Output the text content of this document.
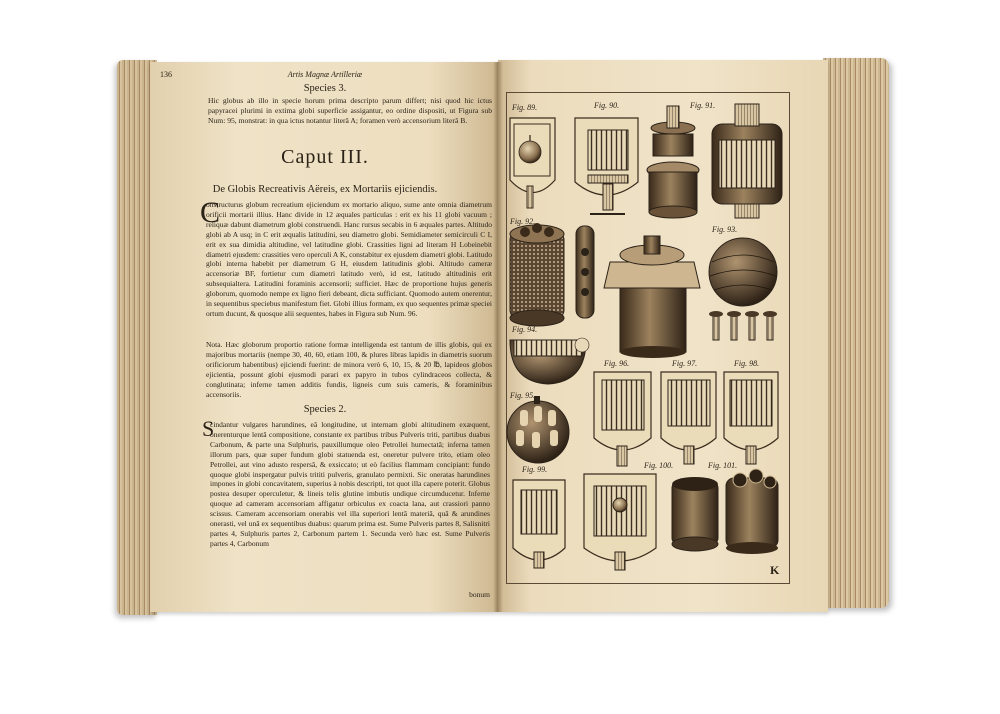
136	Artis Magnæ Artilleriæ
Species 3.
Hic globus ab illo in specie horum prima descripto parum differt; nisi quod hic ictus papyracei plurimi in extima globi superficie assigantur, eo ordine dispositi, ut Figura sub Num: 95, monstrat: in qua ictus notantur literâ A; foramen verò accensorium literâ B.
Caput III.
De Globis Recreativis Aëreis, ex Mortariis ejiciendis.
C
onstructurus globum recreatium ejiciendum ex mortario aliquo, sume ante omnia diametrum orificii mortarii illius. Hanc divide in 12 æquales particulas : erit ex his 11 globi vacuum ; reliquæ dabunt diametrum globi construendi. Hanc rursus secabis in 6 æquales partes. Altitudo globi ab A usq; in C erit æqualis latitudini, seu diametro globi. Semidiameter semicirculi C I, erit ex sua dimidia altitudine, vel latitudine globi. Crassities ligni ad literam H Lobeinebit diametri ejusdem: crassities vero operculi A K, constabitur ex ejusdem diametri globi. Latitudo globi interna habebit per diametrum G H, eiusdem latitudinis globi. Altitudo cameræ accensoriæ BF, fortietur cum diametri latitudo verò, id est, latitudo altitudinis erit subsequialtera. Latitudini foraminis accensorii; sufficiet. Hæc de proportione hujus generis globorum, quomodo nempe ex ligno fieri debeant, dicta sufficiant. Quomodo autem onerentur, in sequentibus speciebus manifestum fiet. Globi illius formam, ex quo sequentes primæ speciei ortum ducunt, & quosque alii sequentes, habes in Figura sub Num. 96.
Nota. Hæc globorum proportio ratione formæ intelligenda est tantum de illis globis, qui ex majoribus mortariis (nempe 30, 40, 60, etiam 100, & plures libras lapidis in diametris suorum orificiorum habentibus) ejiciendi fuerint: de minora verò 6, 10, 15, & 20 ℔, lapideos globos ejicientia, possunt globi ejusmodi parari ex papyro in tubos cylindraceos collecta, & conglutinata; inferne tamen additis fundis, ligneis cum suis cameris, & foraminibus accensoriis.
Species 2.
S
cindantur vulgares harundines, eâ longitudine, ut internam globi altitudinem exæquent, onerenturque lentâ compositione, constante ex partibus tribus Pulveris triti, partibus duabus Carbonum, & parte una Sulphuris, pauxillumque oleo Petrollei humectatâ; inferna tamen illorum pars, quæ super fundum globi statuenda est, oneretur pulvere trito, etiam oleo Petrollei, aut vino adusto respersâ, & exsiccato; ut eò facilius flammam concipiant: fundo quoque globi inspergatur pulvis trititi pulveris, granulato permixti. Sic oneratas harundines impones in globi concavitatem, superius à nobis descripti, tot quot illa capere poterit. Globus postea desuper operculetur, & lineis telis glutine imbutis undique circumducetur. Inferne quoque ad cameram accensoriam affigatur orbiculus ex coacta lana, aut crassiori panno scissus. Cameram accensoriam onerabis vel illa superiori lentâ materiâ, quâ & arundines onerasti, vel unâ ex sequentibus duabus: quarum prima est. Sume Pulveris partes 8, Salisnitri partes 4, Sulphuris partes 2, Carbonum partem 1. Secunda verò hæc est. Sume Pulveris partes 4, Carbonum
bonum
Fig. 89.	Fig. 90.	Fig. 91.
Fig. 92.
Fig. 93.
Fig. 94.
Fig. 95.
Fig. 96.	Fig. 97.	Fig. 98.
Fig. 99.	Fig. 100.	Fig. 101.
K
